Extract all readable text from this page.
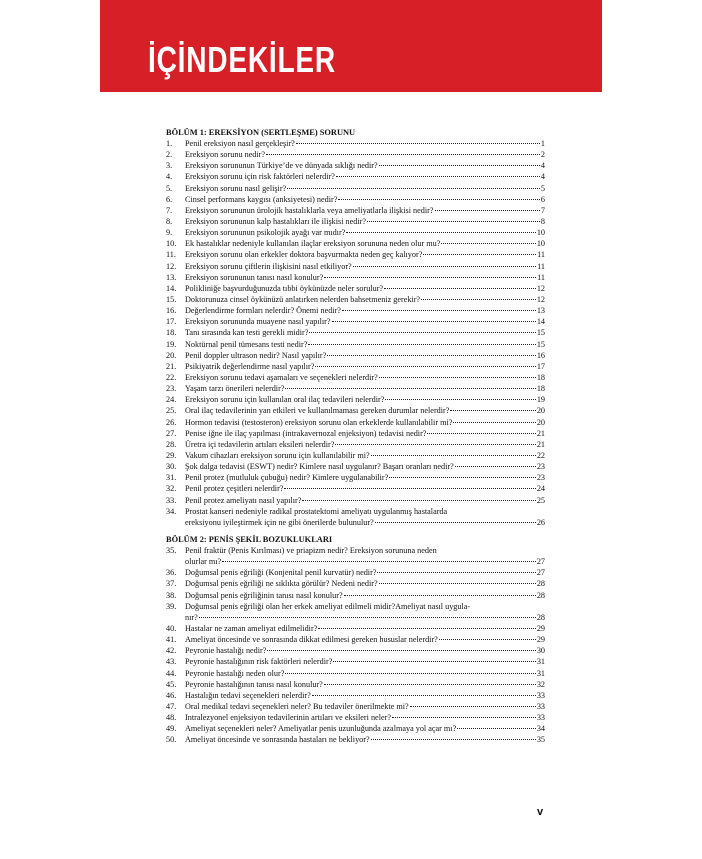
İÇİNDEKİLER
BÖLÜM 1: EREKSİYON (SERTLEŞME) SORUNU
1.	Penil ereksiyon nasıl gerçekleşir?	1
2.	Ereksiyon sorunu nedir?	2
3.	Ereksiyon sorununun Türkiye’de ve dünyada sıklığı nedir?	4
4.	Ereksiyon sorunu için risk faktörleri nelerdir?	4
5.	Ereksiyon sorunu nasıl gelişir?	5
6.	Cinsel performans kaygısı (anksiyetesi) nedir?	6
7.	Ereksiyon sorununun ürolojik hastalıklarla veya ameliyatlarla ilişkisi nedir?	7
8.	Ereksiyon sorununun kalp hastalıkları ile ilişkisi nedir?	8
9.	Ereksiyon sorununun psikolojik ayağı var mıdır?	10
10.	Ek hastalıklar nedeniyle kullanılan ilaçlar ereksiyon sorununa neden olur mu?	10
11.	Ereksiyon sorunu olan erkekler doktora başvurmakta neden geç kalıyor?	11
12.	Ereksiyon sorunu çiftlerin ilişkisini nasıl etkiliyor?	11
13.	Ereksiyon sorununun tanısı nasıl konulur?	11
14.	Polikliniğe başvurduğunuzda tıbbi öykünüzde neler sorulur?	12
15.	Doktorunuza cinsel öykünüzü anlatırken nelerden bahsetmeniz gerekir?	12
16.	Değerlendirme formları nelerdir? Önemi nedir?	13
17.	Ereksiyon sorununda muayene nasıl yapılır?	14
18.	Tanı sırasında kan testi gerekli midir?	15
19.	Noktürnal penil tümesans testi nedir?	15
20.	Penil doppler ultrason nedir? Nasıl yapılır?	16
21.	Psikiyatrik değerlendirme nasıl yapılır?	17
22.	Ereksiyon sorunu tedavi aşamaları ve seçenekleri nelerdir?	18
23.	Yaşam tarzı önerileri nelerdir?	18
24.	Ereksiyon sorunu için kullanılan oral ilaç tedavileri nelerdir?	19
25.	Oral ilaç tedavilerinin yan etkileri ve kullanılmaması gereken durumlar nelerdir?	20
26.	Hormon tedavisi (testosteron) ereksiyon sorunu olan erkeklerde kullanılabilir mi?	20
27.	Penise iğne ile ilaç yapılması (intrakavernozal enjeksiyon) tedavisi nedir?	21
28.	Üretra içi tedavilerin artıları eksileri nelerdir?	21
29.	Vakum cihazları ereksiyon sorunu için kullanılabilir mi?	22
30.	Şok dalga tedavisi (ESWT) nedir? Kimlere nasıl uygulanır? Başarı oranları nedir?	23
31.	Penil protez (mutluluk çubuğu) nedir? Kimlere uygulanabilir?	23
32.	Penil protez çeşitleri nelerdir?	24
33.	Penil protez ameliyatı nasıl yapılır?	25
34.	Prostat kanseri nedeniyle radikal prostatektomi ameliyatı uygulanmış hastalarda
ereksiyonu iyileştirmek için ne gibi önerilerde bulunulur?	26
BÖLÜM 2: PENİS ŞEKİL BOZUKLUKLARI
35.	Penil fraktür (Penis Kırılması) ve priapizm nedir? Ereksiyon sorununa neden
olurlar mı?	27
36.	Doğumsal penis eğriliği (Konjenital penil kurvatür) nedir?	27
37.	Doğumsal penis eğriliği ne sıklıkta görülür? Nedeni nedir?	28
38.	Doğumsal penis eğriliğinin tanısı nasıl konulur?	28
39.	Doğumsal penis eğriliği olan her erkek ameliyat edilmeli midir?Ameliyat nasıl uygula-
nır?	28
40.	Hastalar ne zaman ameliyat edilmelidir?	29
41.	Ameliyat öncesinde ve sonrasında dikkat edilmesi gereken hususlar nelerdir?	29
42.	Peyronie hastalığı nedir?	30
43.	Peyronie hastalığının risk faktörleri nelerdir?	31
44.	Peyronie hastalığı neden olur?	31
45.	Peyronie hastalığının tanısı nasıl konulur?	32
46.	Hastalığın tedavi seçenekleri nelerdir?	33
47.	Oral medikal tedavi seçenekleri neler? Bu tedaviler önerilmekte mi?	33
48.	Intralezyonel enjeksiyon tedavilerinin artıları ve eksileri neler?	33
49.	Ameliyat seçenekleri neler? Ameliyatlar penis uzunluğunda azalmaya yol açar mı?	34
50.	Ameliyat öncesinde ve sonrasında hastaları ne bekliyor?	35
v
